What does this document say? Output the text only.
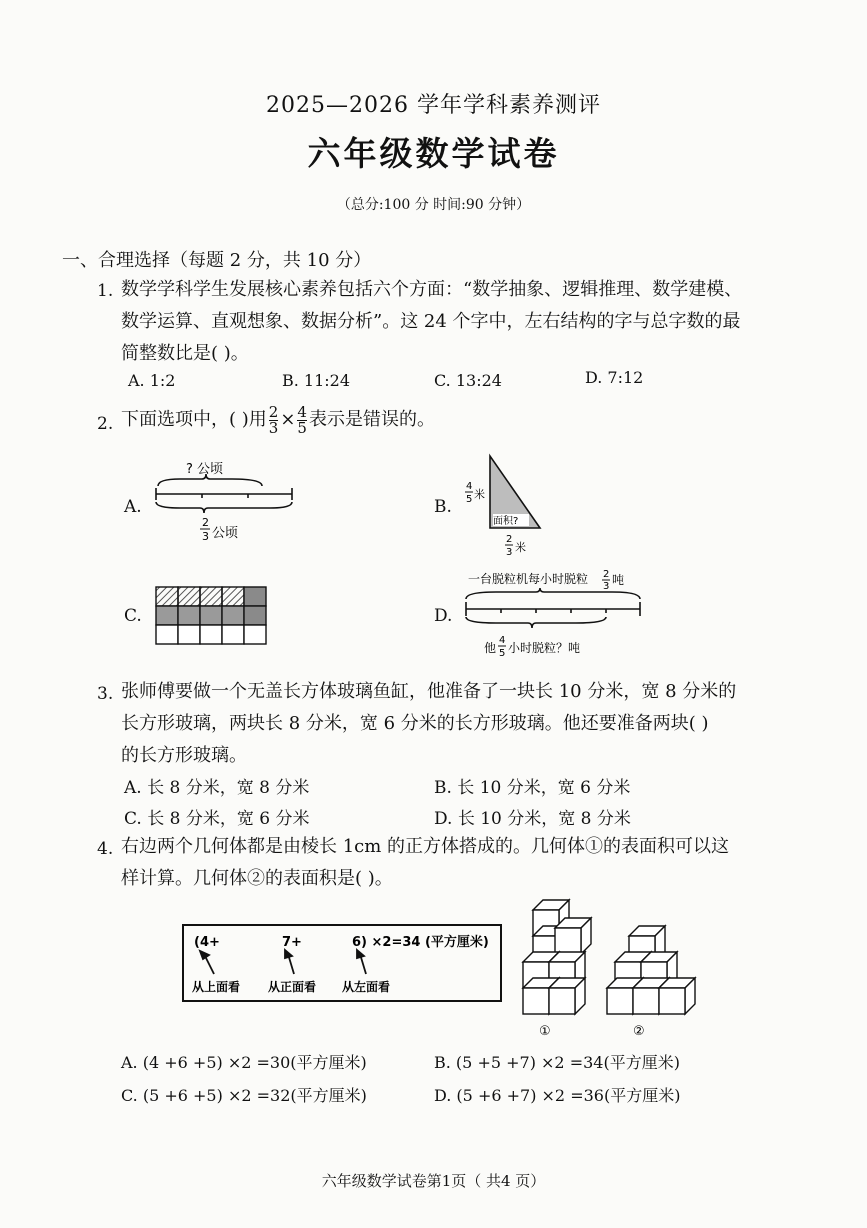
2025—2026 学年学科素养测评
六年级数学试卷
（总分:100 分 时间:90 分钟）
一、合理选择（每题 2 分，共 10 分）
1. 数学学科学生发展核心素养包括六个方面：“数学抽象、逻辑推理、数学建模、
数学运算、直观想象、数据分析”。这 24 个字中，左右结构的字与总字数的最
简整数比是( )。
A. 1:2	B. 11:24	C. 13:24	D. 7:12
2. 下面选项中，( )用 $\frac{2}{3} \times \frac{4}{5}$ 表示是错误的。
A.	B.
C.	D.
? 公顷
2
3 公顷
面积?
4
5 米
2
3 米
一台脱粒机每小时脱粒 2
3 吨
他
4
5 小时脱粒？吨
3. 张师傅要做一个无盖长方体玻璃鱼缸，他准备了一块长 10 分米，宽 8 分米的
长方形玻璃，两块长 8 分米，宽 6 分米的长方形玻璃。他还要准备两块( )
的长方形玻璃。
A. 长 8 分米，宽 8 分米	B. 长 10 分米，宽 6 分米
C. 长 8 分米，宽 6 分米	D. 长 10 分米，宽 8 分米
4. 右边两个几何体都是由棱长 1cm 的正方体搭成的。几何体①的表面积可以这
样计算。几何体②的表面积是( )。
(4+	7+	6) ×2=34 (平方厘米)
从上面看 从正面看 从左面看
①	②
A. (4 +6 +5) ×2 =30(平方厘米)	B. (5 +5 +7) ×2 =34(平方厘米)
C. (5 +6 +5) ×2 =32(平方厘米)	D. (5 +6 +7) ×2 =36(平方厘米)
六年级数学试卷第1页（ 共4 页）
